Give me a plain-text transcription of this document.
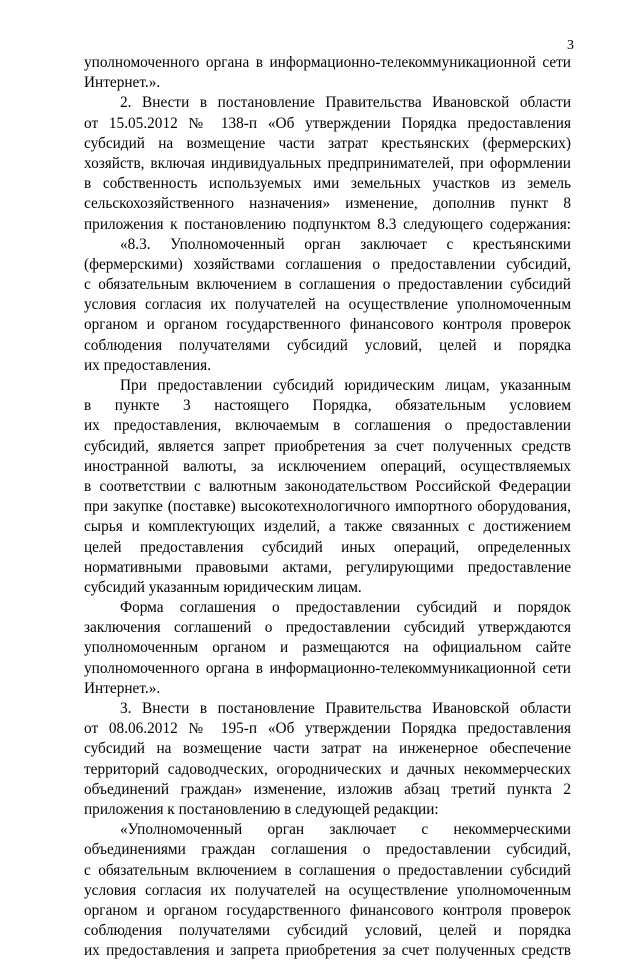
3
уполномоченного органа в информационно-телекоммуникационной сети
Интернет.».
2. Внести в постановление Правительства Ивановской области
от 15.05.2012 № 138-п «Об утверждении Порядка предоставления
субсидий на возмещение части затрат крестьянских (фермерских)
хозяйств, включая индивидуальных предпринимателей, при оформлении
в собственность используемых ими земельных участков из земель
сельскохозяйственного назначения» изменение, дополнив пункт 8
приложения к постановлению подпунктом 8.3 следующего содержания:
«8.3. Уполномоченный орган заключает с крестьянскими
(фермерскими) хозяйствами соглашения о предоставлении субсидий,
с обязательным включением в соглашения о предоставлении субсидий
условия согласия их получателей на осуществление уполномоченным
органом и органом государственного финансового контроля проверок
соблюдения получателями субсидий условий, целей и порядка
их предоставления.
При предоставлении субсидий юридическим лицам, указанным
в пункте 3 настоящего Порядка, обязательным условием
их предоставления, включаемым в соглашения о предоставлении
субсидий, является запрет приобретения за счет полученных средств
иностранной валюты, за исключением операций, осуществляемых
в соответствии с валютным законодательством Российской Федерации
при закупке (поставке) высокотехнологичного импортного оборудования,
сырья и комплектующих изделий, а также связанных с достижением
целей предоставления субсидий иных операций, определенных
нормативными правовыми актами, регулирующими предоставление
субсидий указанным юридическим лицам.
Форма соглашения о предоставлении субсидий и порядок
заключения соглашений о предоставлении субсидий утверждаются
уполномоченным органом и размещаются на официальном сайте
уполномоченного органа в информационно-телекоммуникационной сети
Интернет.».
3. Внести в постановление Правительства Ивановской области
от 08.06.2012 № 195-п «Об утверждении Порядка предоставления
субсидий на возмещение части затрат на инженерное обеспечение
территорий садоводческих, огороднических и дачных некоммерческих
объединений граждан» изменение, изложив абзац третий пункта 2
приложения к постановлению в следующей редакции:
«Уполномоченный орган заключает с некоммерческими
объединениями граждан соглашения о предоставлении субсидий,
с обязательным включением в соглашения о предоставлении субсидий
условия согласия их получателей на осуществление уполномоченным
органом и органом государственного финансового контроля проверок
соблюдения получателями субсидий условий, целей и порядка
их предоставления и запрета приобретения за счет полученных средств
